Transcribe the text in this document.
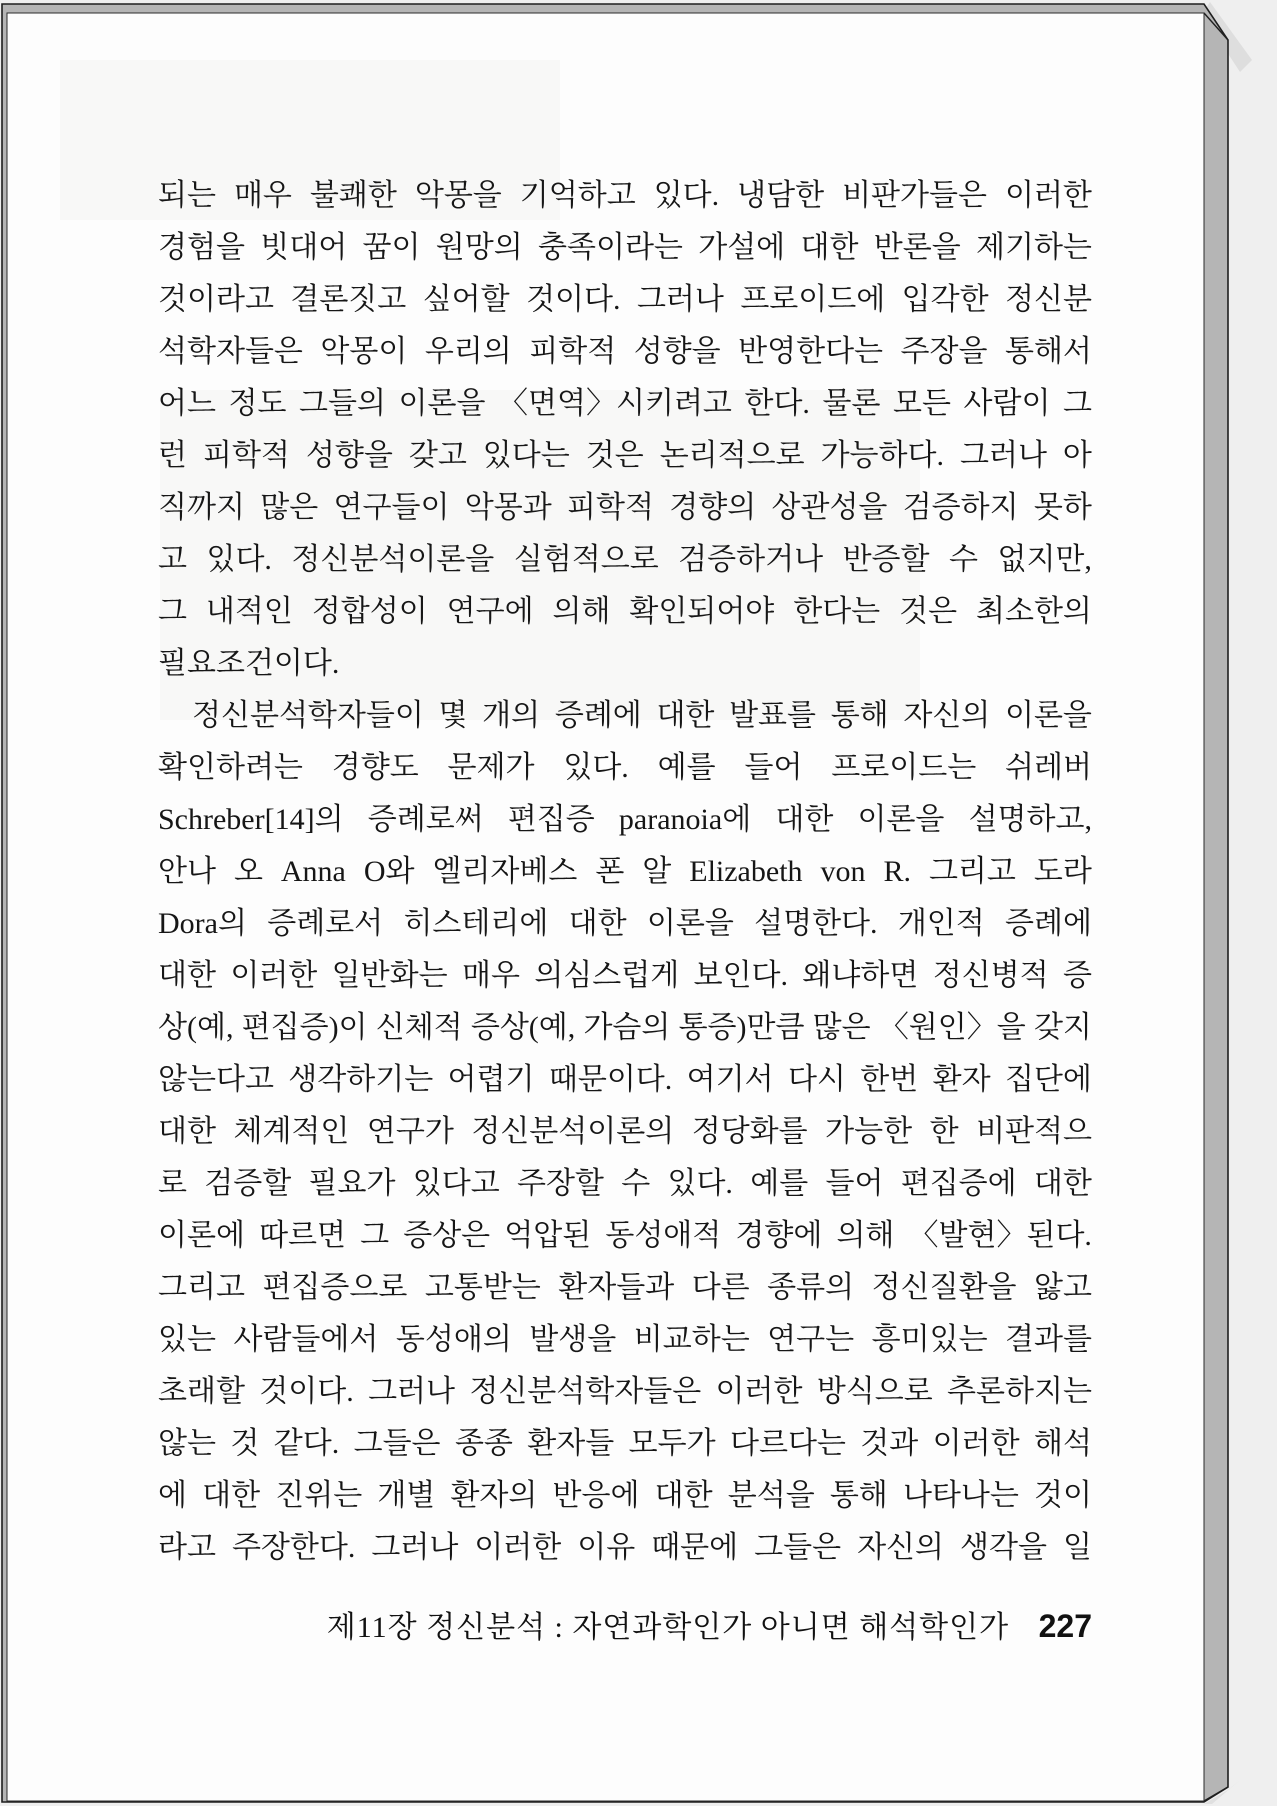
되는 매우 불쾌한 악몽을 기억하고 있다. 냉담한 비판가들은 이러한
경험을 빗대어 꿈이 원망의 충족이라는 가설에 대한 반론을 제기하는
것이라고 결론짓고 싶어할 것이다. 그러나 프로이드에 입각한 정신분
석학자들은 악몽이 우리의 피학적 성향을 반영한다는 주장을 통해서
어느 정도 그들의 이론을 〈면역〉시키려고 한다. 물론 모든 사람이 그
런 피학적 성향을 갖고 있다는 것은 논리적으로 가능하다. 그러나 아
직까지 많은 연구들이 악몽과 피학적 경향의 상관성을 검증하지 못하
고 있다. 정신분석이론을 실험적으로 검증하거나 반증할 수 없지만,
그 내적인 정합성이 연구에 의해 확인되어야 한다는 것은 최소한의
필요조건이다.
정신분석학자들이 몇 개의 증례에 대한 발표를 통해 자신의 이론을
확인하려는 경향도 문제가 있다. 예를 들어 프로이드는 쉬레버
Schreber[14]의 증례로써 편집증 paranoia에 대한 이론을 설명하고,
안나 오 Anna O와 엘리자베스 폰 알 Elizabeth von R. 그리고 도라
Dora의 증례로서 히스테리에 대한 이론을 설명한다. 개인적 증례에
대한 이러한 일반화는 매우 의심스럽게 보인다. 왜냐하면 정신병적 증
상(예, 편집증)이 신체적 증상(예, 가슴의 통증)만큼 많은 〈원인〉을 갖지
않는다고 생각하기는 어렵기 때문이다. 여기서 다시 한번 환자 집단에
대한 체계적인 연구가 정신분석이론의 정당화를 가능한 한 비판적으
로 검증할 필요가 있다고 주장할 수 있다. 예를 들어 편집증에 대한
이론에 따르면 그 증상은 억압된 동성애적 경향에 의해 〈발현〉된다.
그리고 편집증으로 고통받는 환자들과 다른 종류의 정신질환을 앓고
있는 사람들에서 동성애의 발생을 비교하는 연구는 흥미있는 결과를
초래할 것이다. 그러나 정신분석학자들은 이러한 방식으로 추론하지는
않는 것 같다. 그들은 종종 환자들 모두가 다르다는 것과 이러한 해석
에 대한 진위는 개별 환자의 반응에 대한 분석을 통해 나타나는 것이
라고 주장한다. 그러나 이러한 이유 때문에 그들은 자신의 생각을 일
제11장 정신분석 : 자연과학인가 아니면 해석학인가 227
